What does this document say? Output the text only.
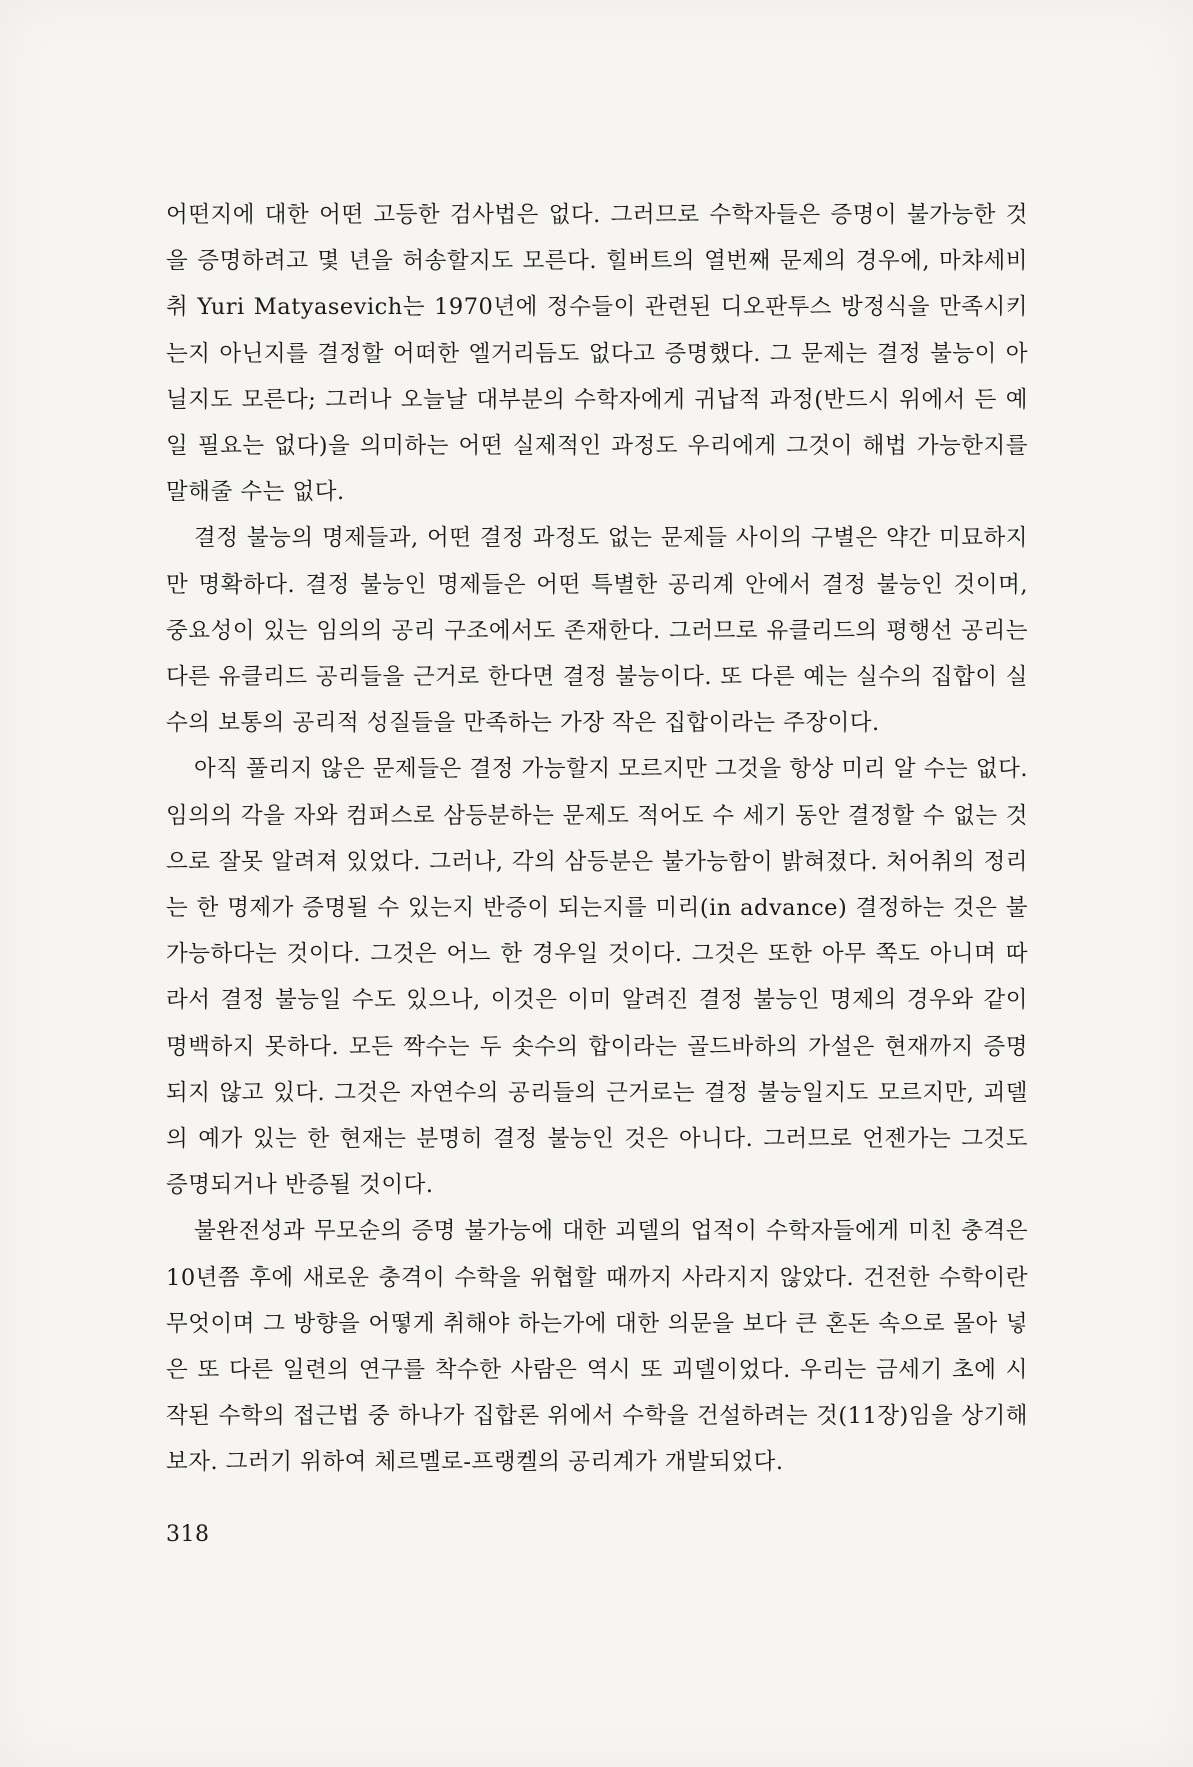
어떤지에 대한 어떤 고등한 검사법은 없다. 그러므로 수학자들은 증명이 불가능한 것을 증명하려고 몇 년을 허송할지도 모른다. 힐버트의 열번째 문제의 경우에, 마챠세비취 Yuri Matyasevich는 1970년에 정수들이 관련된 디오판투스 방정식을 만족시키는지 아닌지를 결정할 어떠한 엘거리듬도 없다고 증명했다. 그 문제는 결정 불능이 아닐지도 모른다; 그러나 오늘날 대부분의 수학자에게 귀납적 과정(반드시 위에서 든 예일 필요는 없다)을 의미하는 어떤 실제적인 과정도 우리에게 그것이 해법 가능한지를 말해줄 수는 없다.

결정 불능의 명제들과, 어떤 결정 과정도 없는 문제들 사이의 구별은 약간 미묘하지만 명확하다. 결정 불능인 명제들은 어떤 특별한 공리계 안에서 결정 불능인 것이며, 중요성이 있는 임의의 공리 구조에서도 존재한다. 그러므로 유클리드의 평행선 공리는 다른 유클리드 공리들을 근거로 한다면 결정 불능이다. 또 다른 예는 실수의 집합이 실수의 보통의 공리적 성질들을 만족하는 가장 작은 집합이라는 주장이다.

아직 풀리지 않은 문제들은 결정 가능할지 모르지만 그것을 항상 미리 알 수는 없다. 임의의 각을 자와 컴퍼스로 삼등분하는 문제도 적어도 수 세기 동안 결정할 수 없는 것으로 잘못 알려져 있었다. 그러나, 각의 삼등분은 불가능함이 밝혀졌다. 처어취의 정리는 한 명제가 증명될 수 있는지 반증이 되는지를 미리(in advance) 결정하는 것은 불가능하다는 것이다. 그것은 어느 한 경우일 것이다. 그것은 또한 아무 쪽도 아니며 따라서 결정 불능일 수도 있으나, 이것은 이미 알려진 결정 불능인 명제의 경우와 같이 명백하지 못하다. 모든 짝수는 두 솟수의 합이라는 골드바하의 가설은 현재까지 증명되지 않고 있다. 그것은 자연수의 공리들의 근거로는 결정 불능일지도 모르지만, 괴델의 예가 있는 한 현재는 분명히 결정 불능인 것은 아니다. 그러므로 언젠가는 그것도 증명되거나 반증될 것이다.

불완전성과 무모순의 증명 불가능에 대한 괴델의 업적이 수학자들에게 미친 충격은 10년쯤 후에 새로운 충격이 수학을 위협할 때까지 사라지지 않았다. 건전한 수학이란 무엇이며 그 방향을 어떻게 취해야 하는가에 대한 의문을 보다 큰 혼돈 속으로 몰아 넣은 또 다른 일련의 연구를 착수한 사람은 역시 또 괴델이었다. 우리는 금세기 초에 시작된 수학의 접근법 중 하나가 집합론 위에서 수학을 건설하려는 것(11장)임을 상기해 보자. 그러기 위하여 체르멜로-프랭켈의 공리계가 개발되었다.

318
